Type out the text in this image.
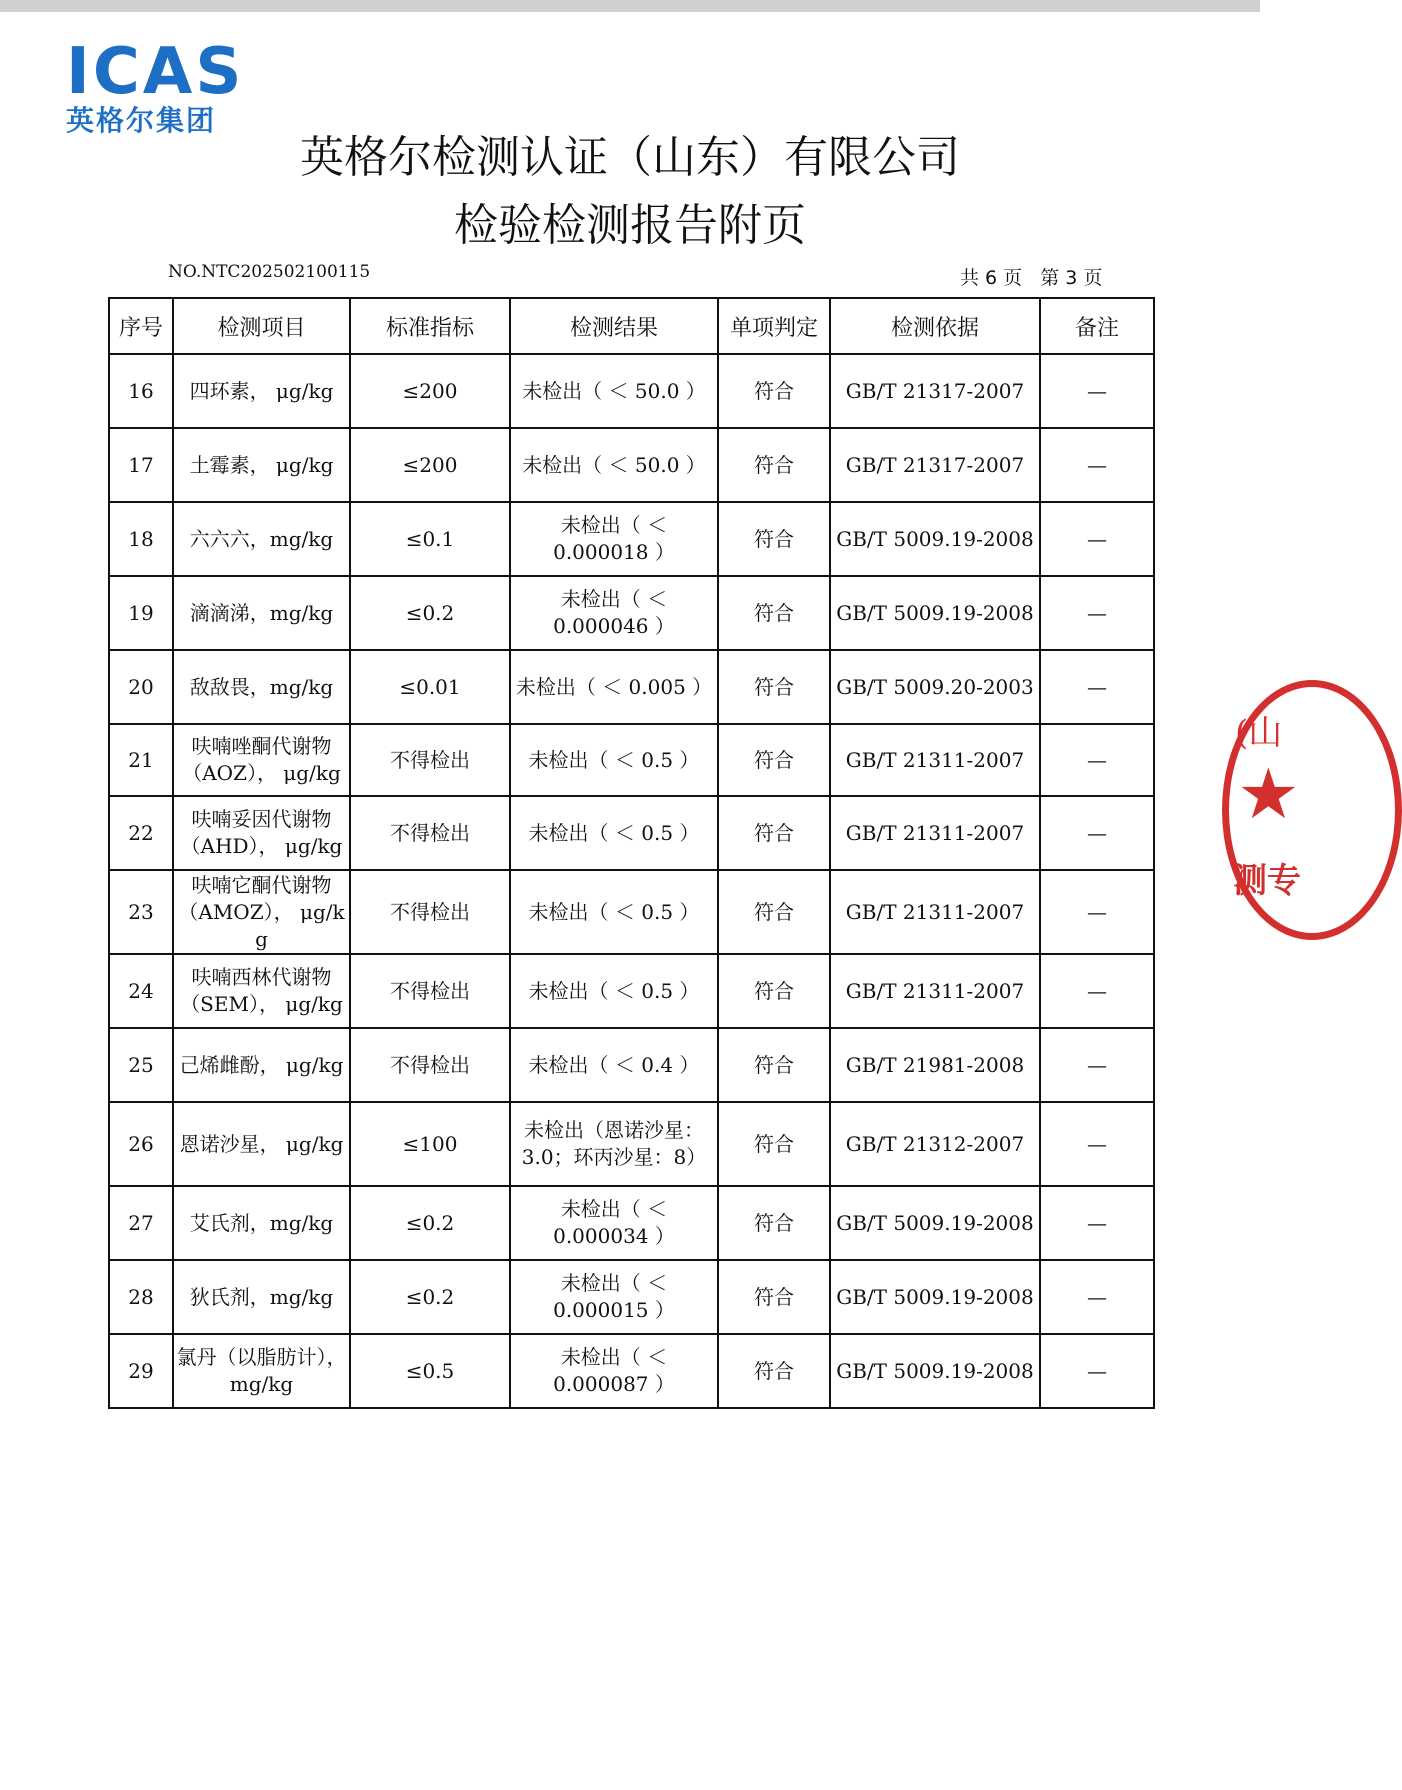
ICAS
英格尔集团
英格尔检测认证（山东）有限公司
检验检测报告附页
NO.NTC202502100115	共 6 页 第 3 页
序号	检测项目	标准指标	检测结果	单项判定	检测依据	备注
16	四环素， μg/kg	≤200	未检出（ ＜ 50.0 ）	符合	GB/T 21317-2007	—
17	土霉素， μg/kg	≤200	未检出（ ＜ 50.0 ）	符合	GB/T 21317-2007	—
18	六六六，mg/kg	≤0.1	未检出（ ＜ 0.000018 ）	符合	GB/T 5009.19-2008	—
19	滴滴涕，mg/kg	≤0.2	未检出（ ＜ 0.000046 ）	符合	GB/T 5009.19-2008	—
20	敌敌畏，mg/kg	≤0.01	未检出（ ＜ 0.005 ）	符合	GB/T 5009.20-2003	—
21	呋喃唑酮代谢物（AOZ）， μg/kg	不得检出	未检出（ ＜ 0.5 ）	符合	GB/T 21311-2007	—
22	呋喃妥因代谢物（AHD）， μg/kg	不得检出	未检出（ ＜ 0.5 ）	符合	GB/T 21311-2007	—
23	呋喃它酮代谢物（AMOZ）， μg/kg	不得检出	未检出（ ＜ 0.5 ）	符合	GB/T 21311-2007	—
24	呋喃西林代谢物（SEM）， μg/kg	不得检出	未检出（ ＜ 0.5 ）	符合	GB/T 21311-2007	—
25	己烯雌酚， μg/kg	不得检出	未检出（ ＜ 0.4 ）	符合	GB/T 21981-2008	—
26	恩诺沙星， μg/kg	≤100	未检出（恩诺沙星：3.0；环丙沙星：8）	符合	GB/T 21312-2007	—
27	艾氏剂，mg/kg	≤0.2	未检出（ ＜ 0.000034 ）	符合	GB/T 5009.19-2008	—
28	狄氏剂，mg/kg	≤0.2	未检出（ ＜ 0.000015 ）	符合	GB/T 5009.19-2008	—
29	氯丹（以脂肪计），mg/kg	≤0.5	未检出（ ＜ 0.000087 ）	符合	GB/T 5009.19-2008	—
(山
★
测专
